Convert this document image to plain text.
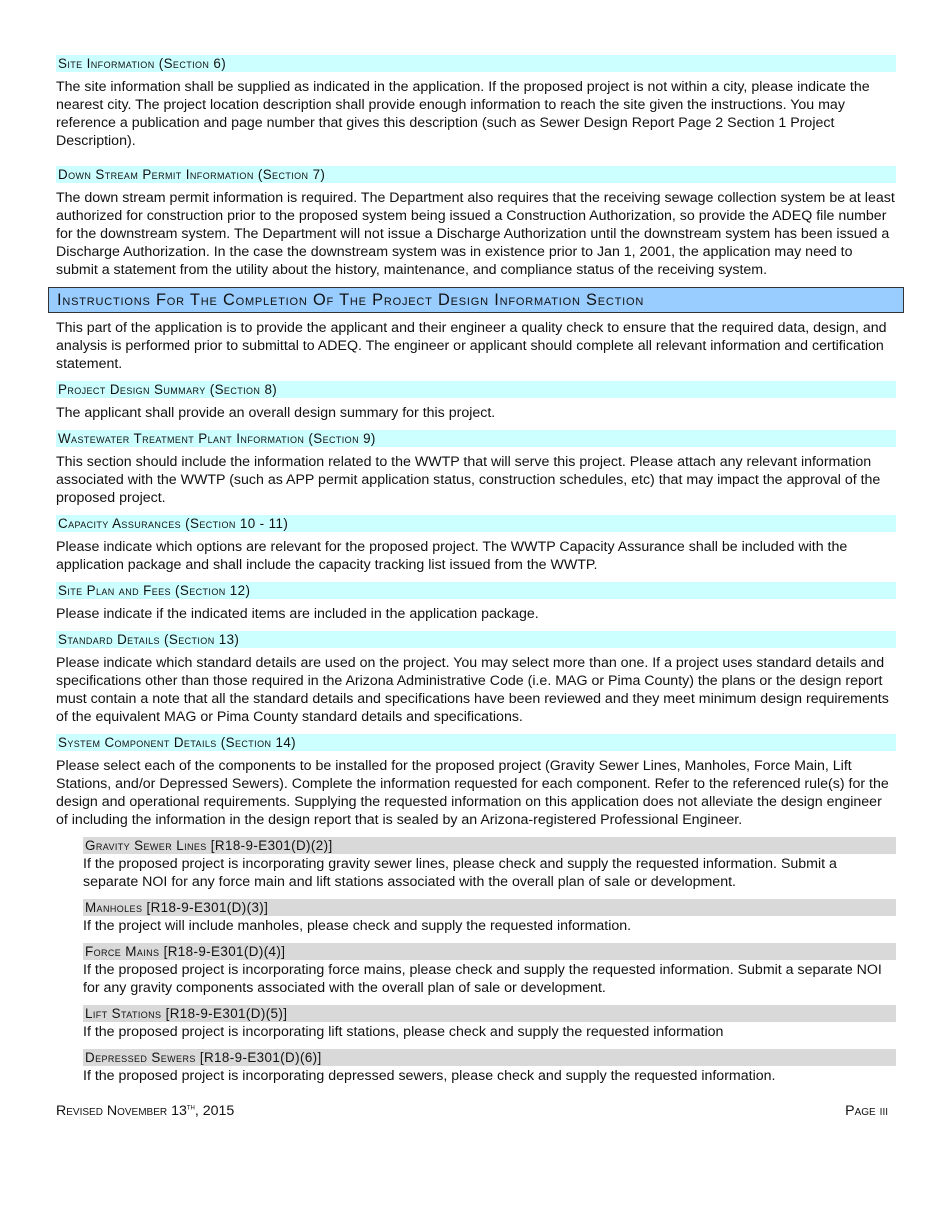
Site Information (Section 6)

The site information shall be supplied as indicated in the application. If the proposed project is not within a city, please indicate the nearest city. The project location description shall provide enough information to reach the site given the instructions. You may reference a publication and page number that gives this description (such as Sewer Design Report Page 2 Section 1 Project Description).

Down Stream Permit Information (Section 7)

The down stream permit information is required. The Department also requires that the receiving sewage collection system be at least authorized for construction prior to the proposed system being issued a Construction Authorization, so provide the ADEQ file number for the downstream system. The Department will not issue a Discharge Authorization until the downstream system has been issued a Discharge Authorization. In the case the downstream system was in existence prior to Jan 1, 2001, the application may need to submit a statement from the utility about the history, maintenance, and compliance status of the receiving system.

Instructions For The Completion Of The Project Design Information Section

This part of the application is to provide the applicant and their engineer a quality check to ensure that the required data, design, and analysis is performed prior to submittal to ADEQ. The engineer or applicant should complete all relevant information and certification statement.

Project Design Summary (Section 8)

The applicant shall provide an overall design summary for this project.

Wastewater Treatment Plant Information (Section 9)

This section should include the information related to the WWTP that will serve this project. Please attach any relevant information associated with the WWTP (such as APP permit application status, construction schedules, etc) that may impact the approval of the proposed project.

Capacity Assurances (Section 10 - 11)

Please indicate which options are relevant for the proposed project. The WWTP Capacity Assurance shall be included with the application package and shall include the capacity tracking list issued from the WWTP.

Site Plan and Fees (Section 12)

Please indicate if the indicated items are included in the application package.

Standard Details (Section 13)

Please indicate which standard details are used on the project. You may select more than one. If a project uses standard details and specifications other than those required in the Arizona Administrative Code (i.e. MAG or Pima County) the plans or the design report must contain a note that all the standard details and specifications have been reviewed and they meet minimum design requirements of the equivalent MAG or Pima County standard details and specifications.

System Component Details (Section 14)

Please select each of the components to be installed for the proposed project (Gravity Sewer Lines, Manholes, Force Main, Lift Stations, and/or Depressed Sewers). Complete the information requested for each component. Refer to the referenced rule(s) for the design and operational requirements. Supplying the requested information on this application does not alleviate the design engineer of including the information in the design report that is sealed by an Arizona-registered Professional Engineer.

Gravity Sewer Lines [R18-9-E301(D)(2)]

If the proposed project is incorporating gravity sewer lines, please check and supply the requested information. Submit a separate NOI for any force main and lift stations associated with the overall plan of sale or development.

Manholes [R18-9-E301(D)(3)]

If the project will include manholes, please check and supply the requested information.

Force Mains [R18-9-E301(D)(4)]

If the proposed project is incorporating force mains, please check and supply the requested information. Submit a separate NOI for any gravity components associated with the overall plan of sale or development.

Lift Stations [R18-9-E301(D)(5)]

If the proposed project is incorporating lift stations, please check and supply the requested information

Depressed Sewers [R18-9-E301(D)(6)]

If the proposed project is incorporating depressed sewers, please check and supply the requested information.

Revised November 13th, 2015	Page iii
